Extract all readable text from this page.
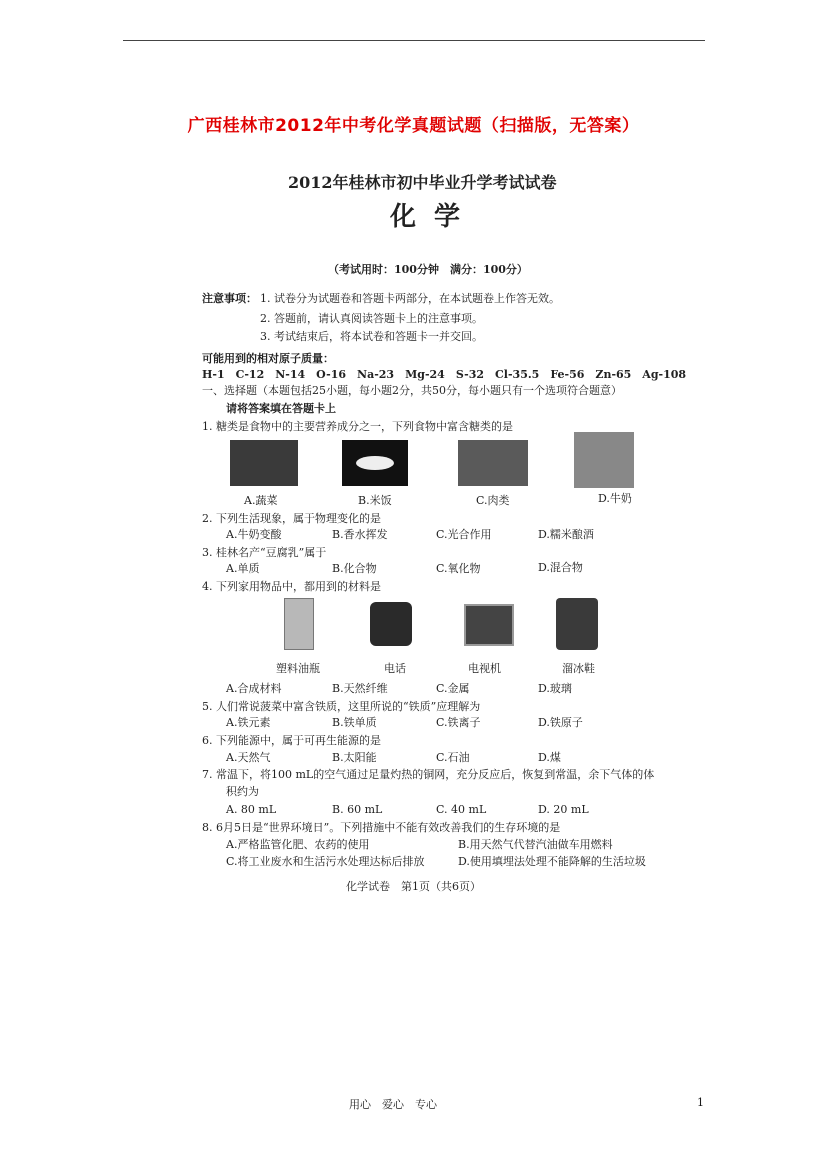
广西桂林市2012年中考化学真题试题（扫描版，无答案）
2012年桂林市初中毕业升学考试试卷
化学
（考试用时：100分钟　满分：100分）
注意事项： 1. 试卷分为试题卷和答题卡两部分，在本试题卷上作答无效。
2. 答题前，请认真阅读答题卡上的注意事项。
3. 考试结束后，将本试卷和答题卡一并交回。
可能用到的相对原子质量：
H-1　C-12　N-14　O-16　Na-23　Mg-24　S-32　Cl-35.5　Fe-56　Zn-65　Ag-108
一、选择题（本题包括25小题，每小题2分，共50分，每小题只有一个选项符合题意）
请将答案填在答题卡上
1. 糖类是食物中的主要营养成分之一，下列食物中富含糖类的是
A.蔬菜	B.米饭	C.肉类	D.牛奶
2. 下列生活现象，属于物理变化的是
A.牛奶变酸	B.香水挥发	C.光合作用	D.糯米酿酒
3. 桂林名产“豆腐乳”属于
A.单质	B.化合物	C.氧化物	D.混合物
4. 下列家用物品中，都用到的材料是
塑料油瓶	电话	电视机	溜冰鞋
A.合成材料	B.天然纤维	C.金属	D.玻璃
5. 人们常说菠菜中富含铁质，这里所说的“铁质”应理解为
A.铁元素	B.铁单质	C.铁离子	D.铁原子
6. 下列能源中，属于可再生能源的是
A.天然气	B.太阳能	C.石油	D.煤
7. 常温下，将100 mL的空气通过足量灼热的铜网，充分反应后，恢复到常温，余下气体的体
积约为
A. 80 mL	B. 60 mL	C. 40 mL	D. 20 mL
8. 6月5日是“世界环境日”。下列措施中不能有效改善我们的生存环境的是
A.严格监管化肥、农药的使用	B.用天然气代替汽油做车用燃料
C.将工业废水和生活污水处理达标后排放	D.使用填埋法处理不能降解的生活垃圾
化学试卷　第1页（共6页）
用心　爱心　专心	1
